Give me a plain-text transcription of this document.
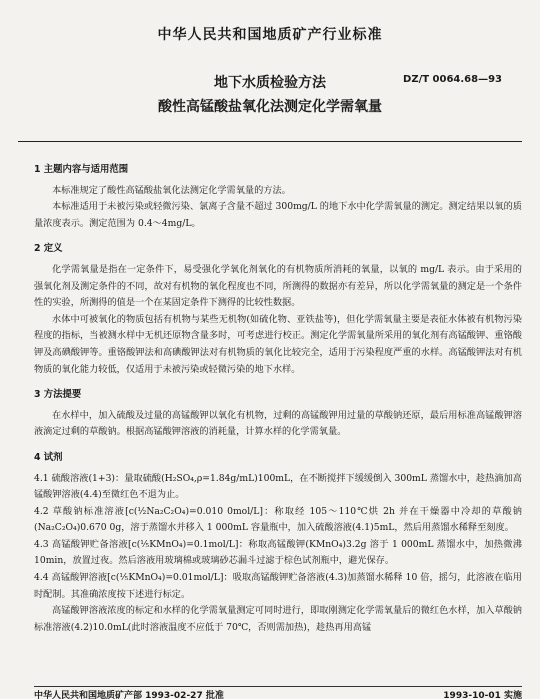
中华人民共和国地质矿产行业标准
DZ/T 0064.68—93
地下水质检验方法
酸性高锰酸盐氧化法测定化学需氧量
1 主题内容与适用范围

本标准规定了酸性高锰酸盐氧化法测定化学需氧量的方法。

本标准适用于未被污染或轻微污染、氯离子含量不超过 300mg/L 的地下水中化学需氧量的测定。测定结果以氧的质量浓度表示。测定范围为 0.4～4mg/L。

2 定义

化学需氧量是指在一定条件下，易受强化学氧化剂氧化的有机物质所消耗的氧量，以氧的 mg/L 表示。由于采用的强氧化剂及测定条件的不同，故对有机物的氧化程度也不同，所测得的数据亦有差异，所以化学需氧量的测定是一个条件性的实验，所测得的值是一个在某固定条件下测得的比较性数据。

水体中可被氧化的物质包括有机物与某些无机物(如硫化物、亚铁盐等)，但化学需氧量主要是表征水体被有机物污染程度的指标，当被测水样中无机还原物含量多时，可考虑进行校正。测定化学需氧量所采用的氧化剂有高锰酸钾、重铬酸钾及高碘酸钾等。重铬酸钾法和高碘酸钾法对有机物质的氧化比较完全，适用于污染程度严重的水样。高锰酸钾法对有机物质的氧化能力较低，仅适用于未被污染或轻微污染的地下水样。

3 方法提要

在水样中，加入硫酸及过量的高锰酸钾以氧化有机物，过剩的高锰酸钾用过量的草酸钠还原，最后用标准高锰酸钾溶液滴定过剩的草酸钠。根据高锰酸钾溶液的消耗量，计算水样的化学需氧量。

4 试剂

4.1 硫酸溶液(1+3)：量取硫酸(H₂SO₄,ρ=1.84g/mL)100mL，在不断搅拌下缓缓倒入 300mL 蒸馏水中，趁热滴加高锰酸钾溶液(4.4)至微红色不退为止。

4.2 草酸钠标准溶液[c(½Na₂C₂O₄)=0.010 0mol/L]：称取经 105～110℃烘 2h 并在干燥器中冷却的草酸钠(Na₂C₂O₄)0.670 0g，溶于蒸馏水并移入 1 000mL 容量瓶中，加入硫酸溶液(4.1)5mL，然后用蒸馏水稀释至刻度。

4.3 高锰酸钾贮备溶液[c(⅕KMnO₄)=0.1mol/L]：称取高锰酸钾(KMnO₄)3.2g 溶于 1 000mL 蒸馏水中，加热微沸 10min，放置过夜。然后溶液用玻璃棉或玻璃砂芯漏斗过滤于棕色试剂瓶中，避光保存。

4.4 高锰酸钾溶液[c(⅕KMnO₄)=0.01mol/L]：吸取高锰酸钾贮备溶液(4.3)加蒸馏水稀释 10 倍，摇匀，此溶液在临用时配制。其准确浓度按下述进行标定。

高锰酸钾溶液浓度的标定和水样的化学需氧量测定可同时进行，即取刚测定化学需氧量后的微红色水样，加入草酸钠标准溶液(4.2)10.0mL(此时溶液温度不应低于 70℃，否则需加热)，趁热再用高锰

中华人民共和国地质矿产部 1993-02-27 批准	1993-10-01 实施
